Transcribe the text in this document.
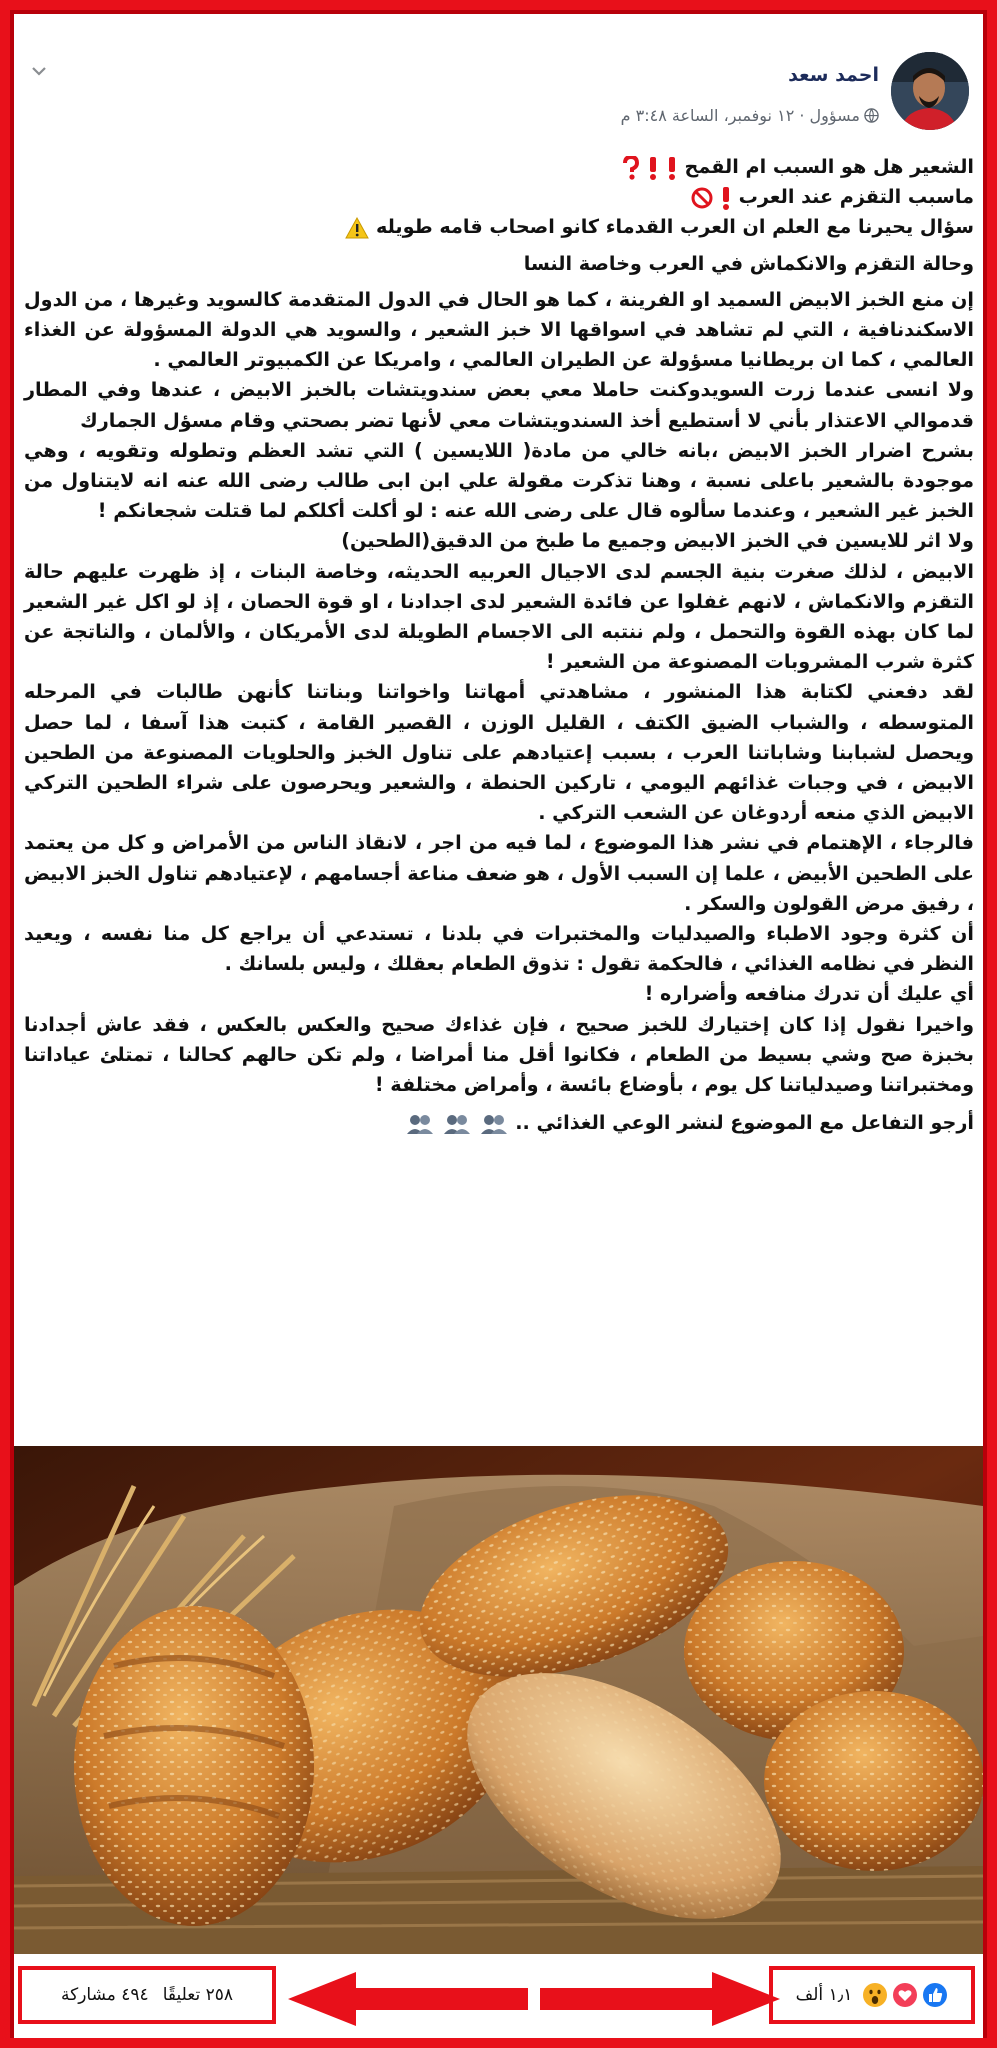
احمد سعد
مسؤول · ١٢ نوفمبر، الساعة ٣:٤٨ م

الشعير هل هو السبب ام القمح

ماسبب التقزم عند العرب

سؤال يحيرنا مع العلم ان العرب القدماء كانو اصحاب قامه طويله

وحالة التقزم والانكماش في العرب وخاصة النسا

إن منع الخبز الابيض السميد او الفرينة ، كما هو الحال في الدول المتقدمة كالسويد وغيرها ، من الدول الاسكندنافية ، التي لم تشاهد في اسواقها الا خبز الشعير ، والسويد هي الدولة المسؤولة عن الغذاء العالمي ، كما ان بريطانيا مسؤولة عن الطيران العالمي ، وامريكا عن الكمبيوتر العالمي .

ولا انسى عندما زرت السويدوكنت حاملا معي بعض سندويتشات بالخبز الابيض ، عندها وفي المطار قدموالي الاعتذار بأني لا أستطيع أخذ السندويتشات معي لأنها تضر بصحتي وقام مسؤل الجمارك

بشرح اضرار الخبز الابيض ،بانه خالي من مادة( اللايسين ) التي تشد العظم وتطوله وتقويه ، وهي موجودة بالشعير باعلى نسبة ، وهنا تذكرت مقولة علي ابن ابى طالب رضى الله عنه انه لايتناول من الخبز غير الشعير ، وعندما سألوه قال على رضى الله عنه : لو أكلت أكلكم لما قتلت شجعانكم !

ولا اثر للايسين في الخبز الابيض وجميع ما طبخ من الدقيق(الطحين)

الابيض ، لذلك صغرت بنية الجسم لدى الاجيال العربيه الحديثه، وخاصة البنات ، إذ ظهرت عليهم حالة التقزم والانكماش ، لانهم غفلوا عن فائدة الشعير لدى اجدادنا ، او قوة الحصان ، إذ لو اكل غير الشعير لما كان بهذه القوة والتحمل ، ولم ننتبه الى الاجسام الطويلة لدى الأمريكان ، والألمان ، والناتجة عن كثرة شرب المشروبات المصنوعة من الشعير !

لقد دفعني لكتابة هذا المنشور ، مشاهدتي أمهاتنا واخواتنا وبناتنا كأنهن طالبات في المرحله المتوسطه ، والشباب الضيق الكتف ، القليل الوزن ، القصير القامة ، كتبت هذا آسفا ، لما حصل ويحصل لشبابنا وشاباتنا العرب ، بسبب إعتيادهم على تناول الخبز والحلويات المصنوعة من الطحين الابيض ، في وجبات غذائهم اليومي ، تاركين الحنطة ، والشعير ويحرصون على شراء الطحين التركي الابيض الذي منعه أردوغان عن الشعب التركي .

فالرجاء ، الإهتمام في نشر هذا الموضوع ، لما فيه من اجر ، لانقاذ الناس من الأمراض و كل من يعتمد على الطحين الأبيض ، علما إن السبب الأول ، هو ضعف مناعة أجسامهم ، لإعتيادهم تناول الخبز الابيض ، رفيق مرض القولون والسكر .

أن كثرة وجود الاطباء والصيدليات والمختبرات في بلدنا ، تستدعي أن يراجع كل منا نفسه ، ويعيد النظر في نظامه الغذائي ، فالحكمة تقول : تذوق الطعام بعقلك ، وليس بلسانك .

أي عليك أن تدرك منافعه وأضراره !

واخيرا نقول إذا كان إختيارك للخبز صحيح ، فإن غذاءك صحيح والعكس بالعكس ، فقد عاش أجدادنا بخبزة صح وشي بسيط من الطعام ، فكانوا أقل منا أمراضا ، ولم تكن حالهم كحالنا ، تمتلئ عياداتنا ومختبراتنا وصيدلياتنا كل يوم ، بأوضاع بائسة ، وأمراض مختلفة !

أرجو التفاعل مع الموضوع لنشر الوعي الغذائي ..

١٫١ ألف
٢٥٨ تعليقًا
٤٩٤ مشاركة
